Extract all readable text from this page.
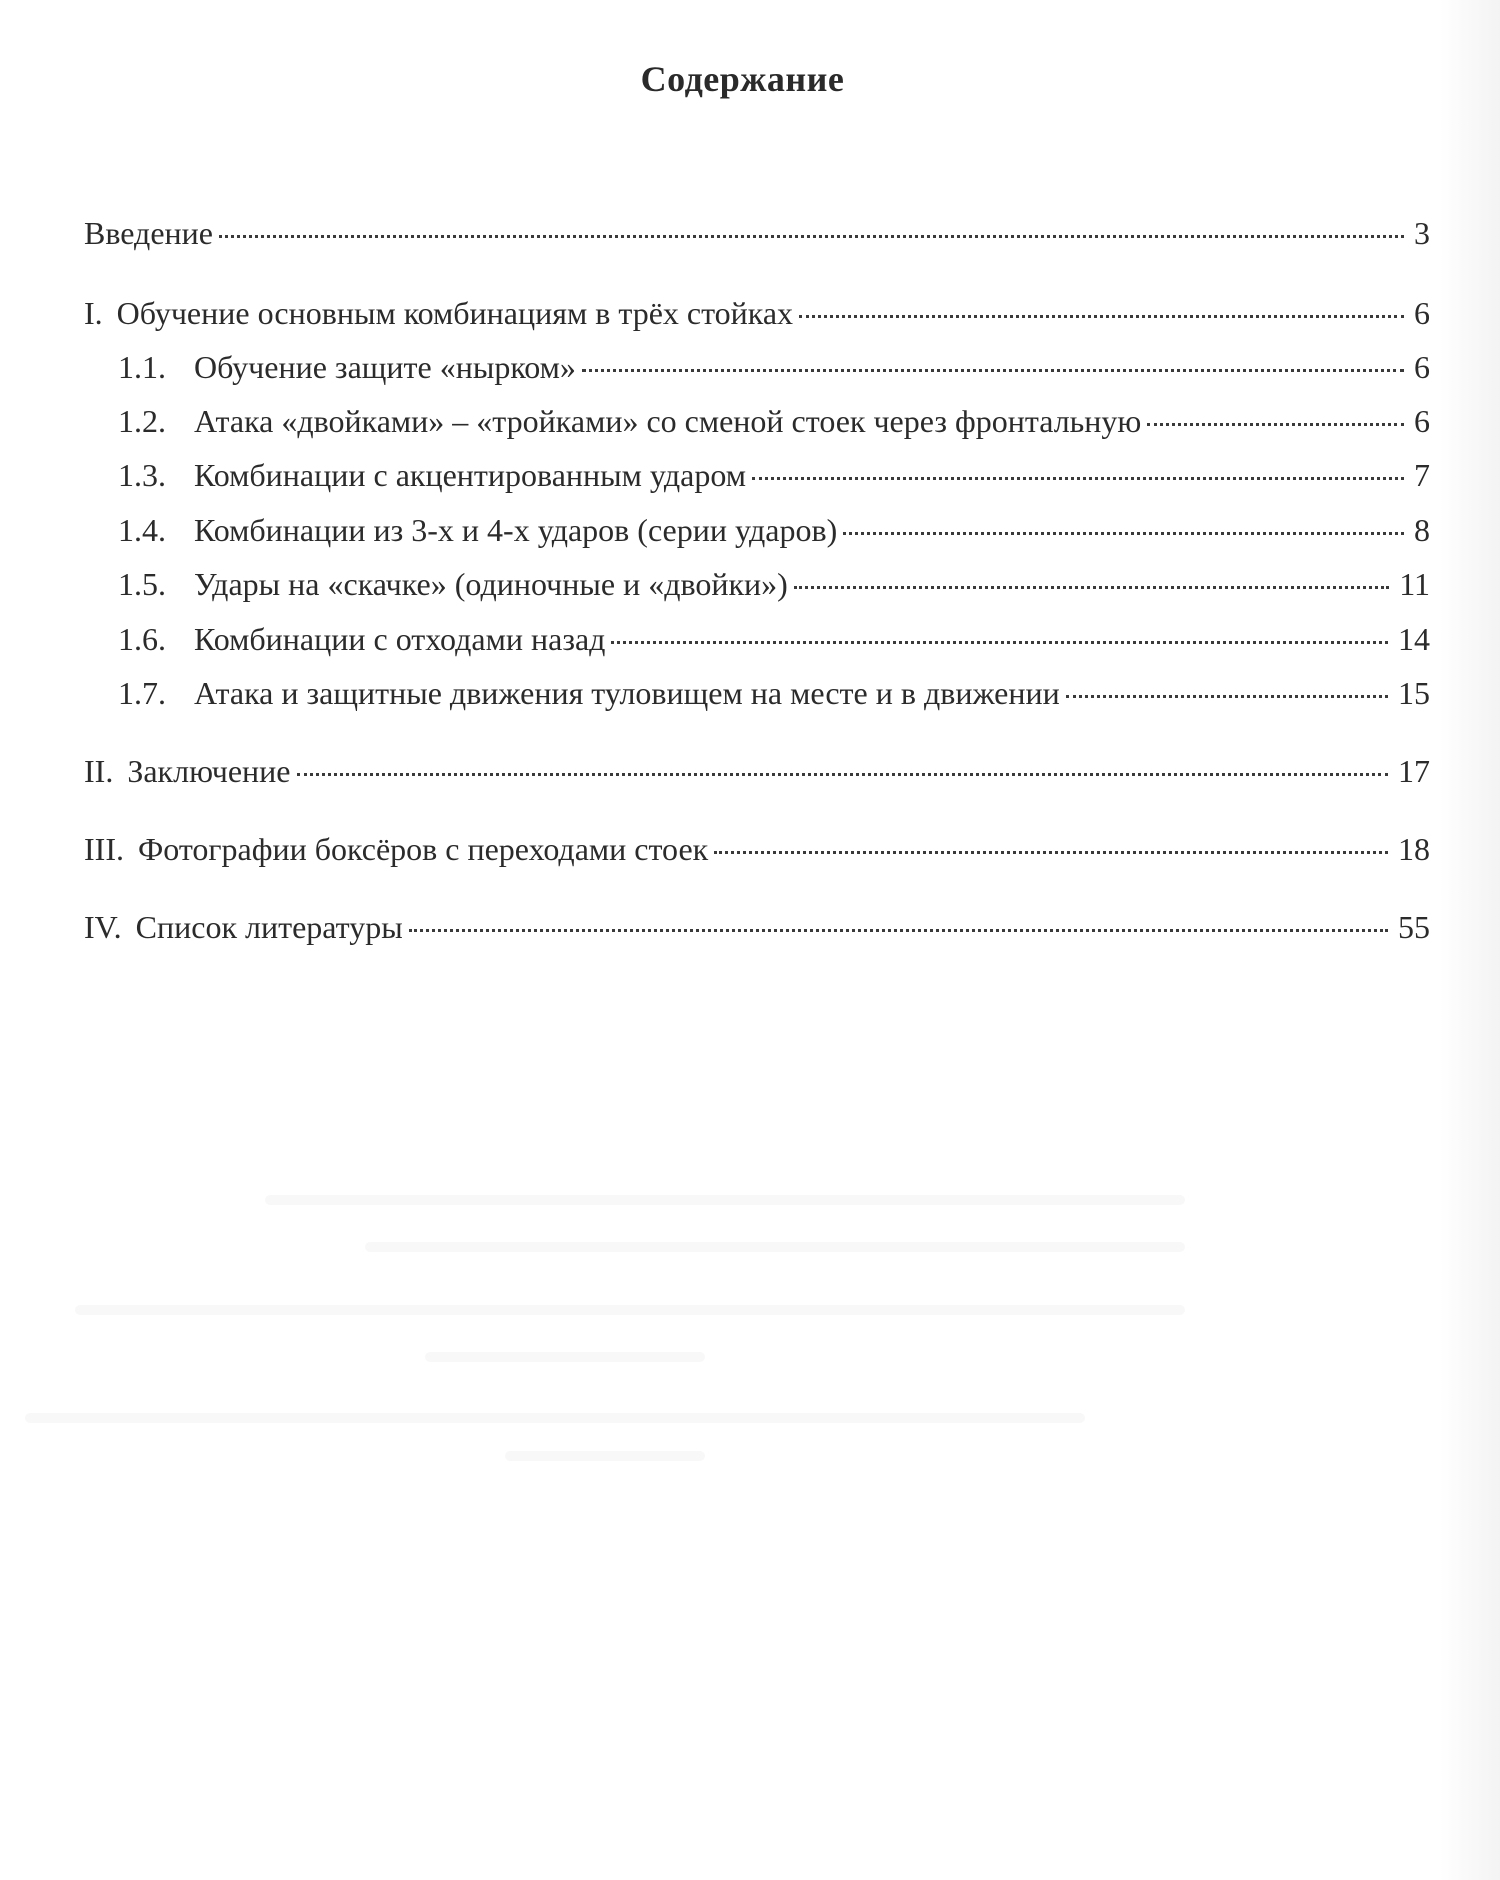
Содержание
Введение	3
I. Обучение основным комбинациям в трёх стойках	6
1.1. Обучение защите «нырком»	6
1.2. Атака «двойками» – «тройками» со сменой стоек через фронтальную	6
1.3. Комбинации с акцентированным ударом	7
1.4. Комбинации из 3-х и 4-х ударов (серии ударов)	8
1.5. Удары на «скачке» (одиночные и «двойки»)	11
1.6. Комбинации с отходами назад	14
1.7. Атака и защитные движения туловищем на месте и в движении	15
II. Заключение	17
III. Фотографии боксёров с переходами стоек	18
IV. Список литературы	55
